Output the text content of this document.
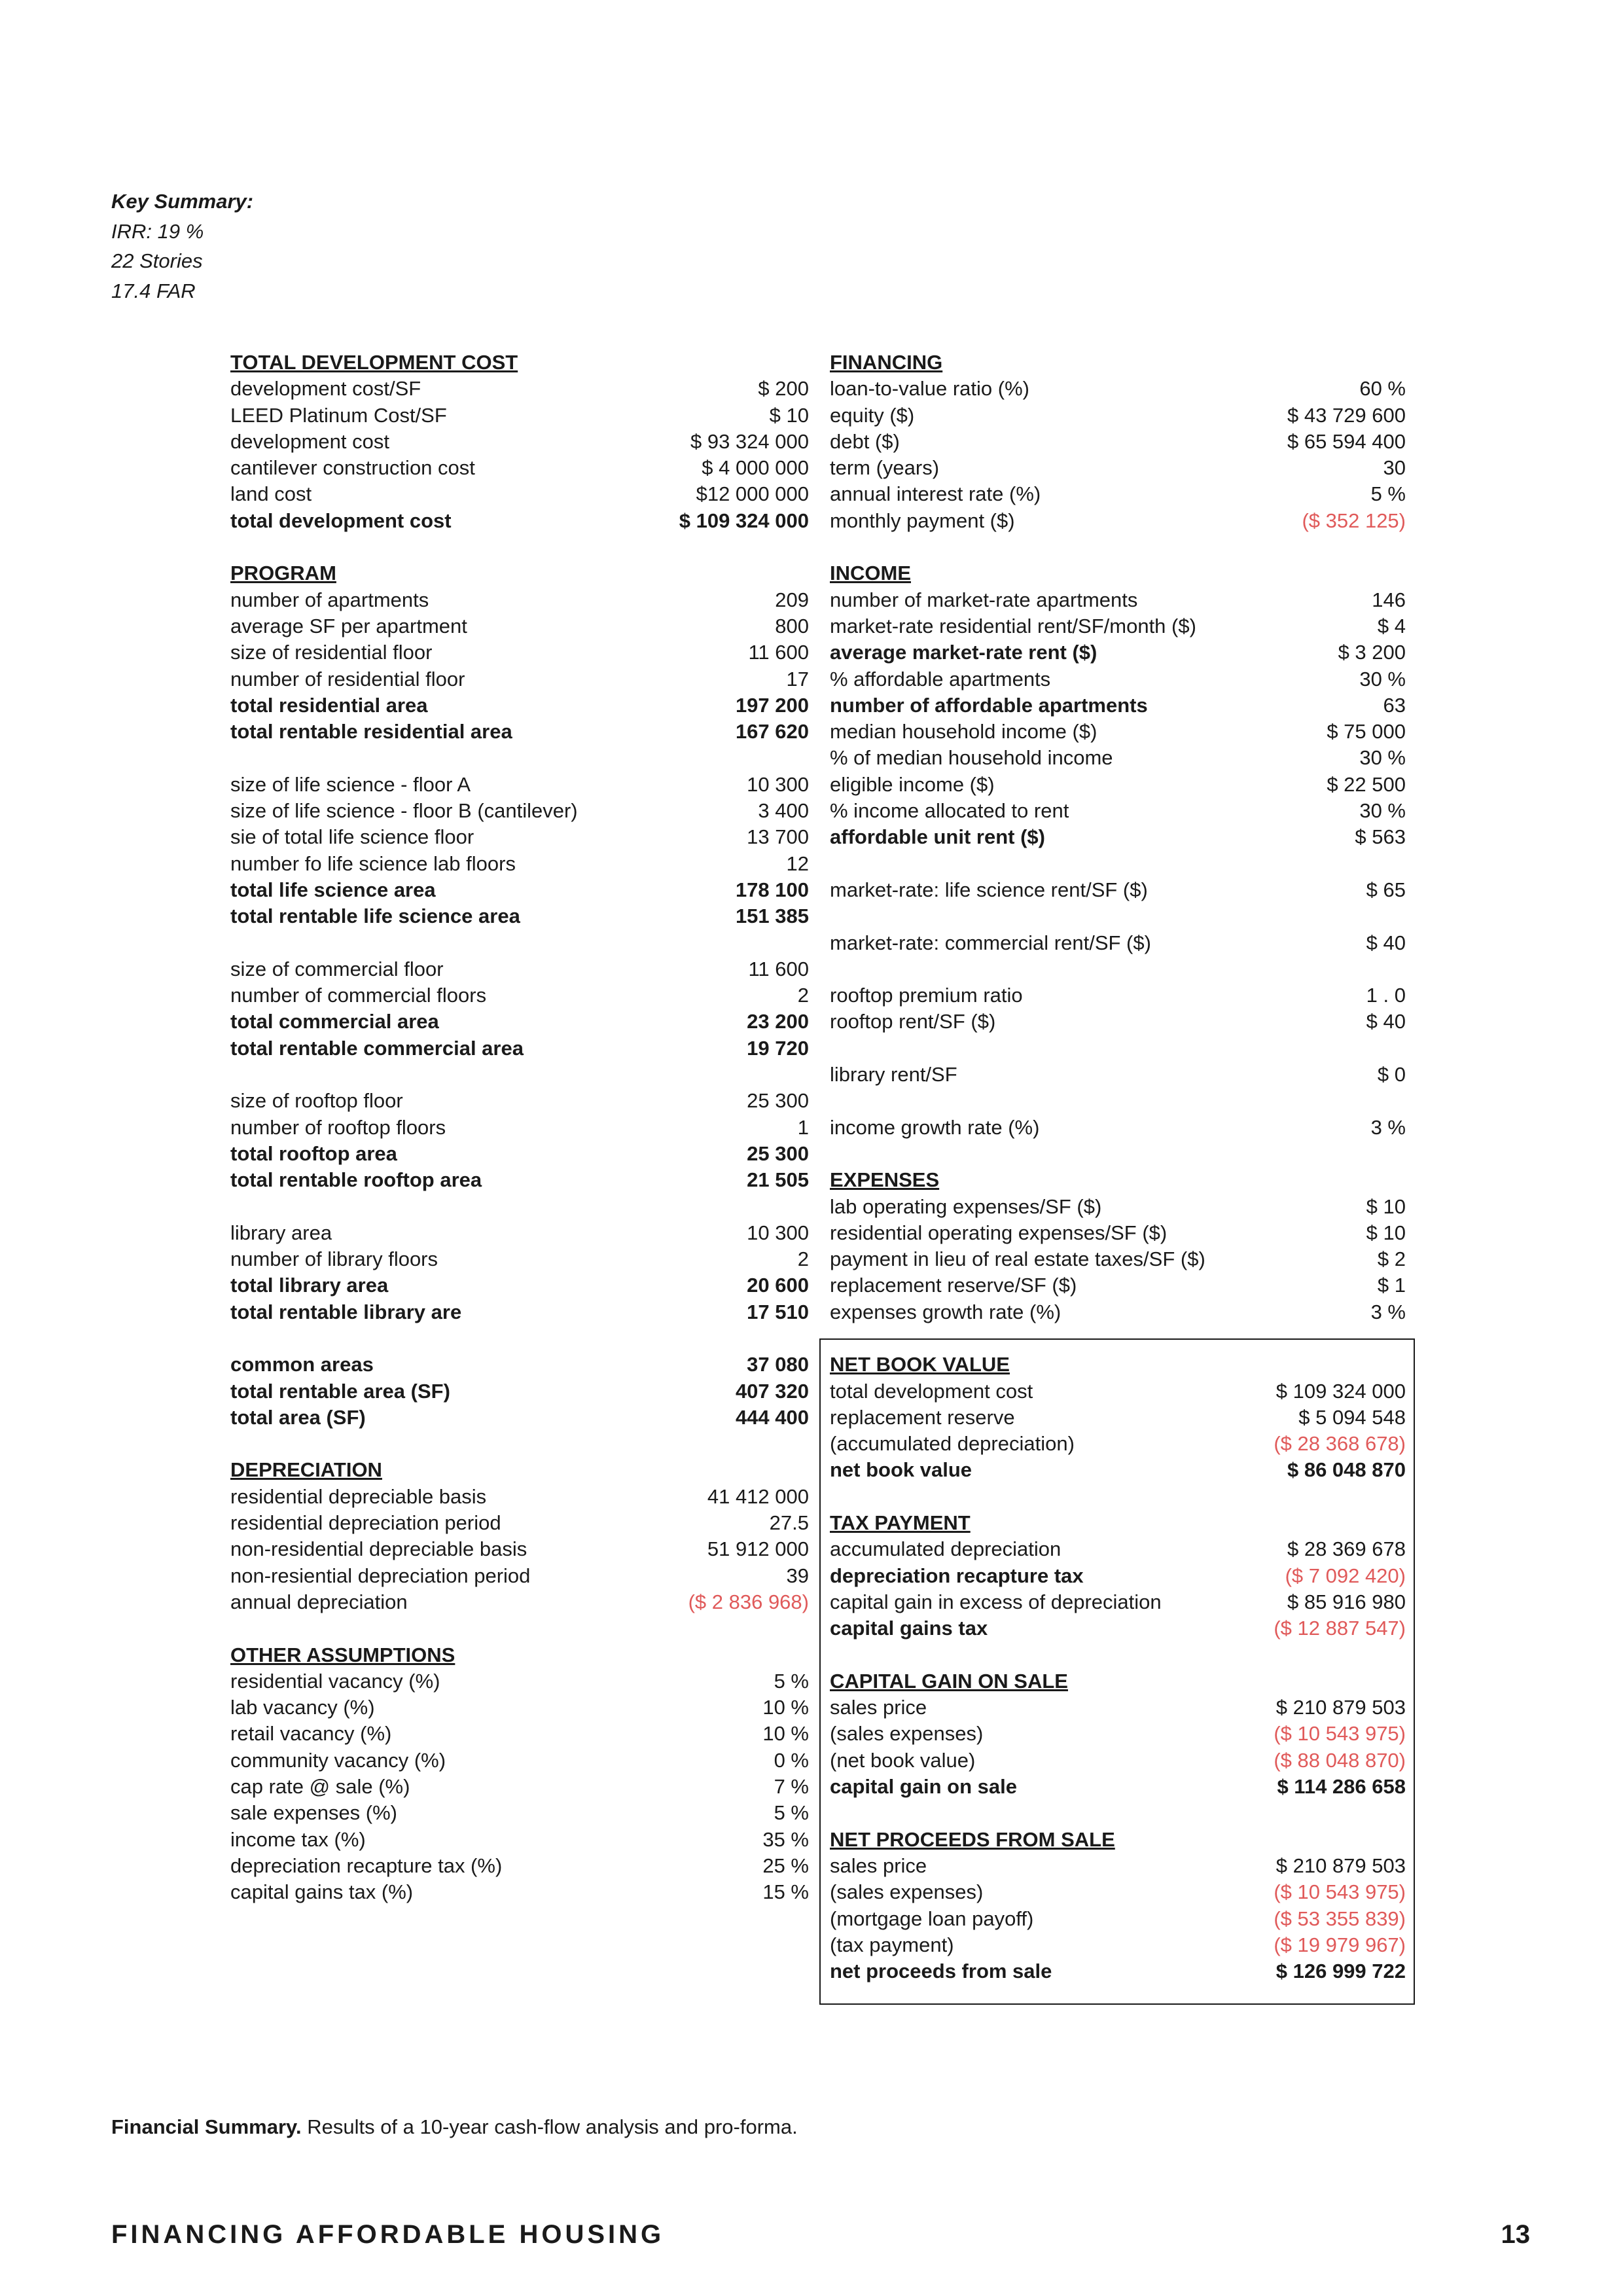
Key Summary:
IRR: 19 %
22 Stories
17.4 FAR
TOTAL DEVELOPMENT COST
development cost/SF	$ 200
LEED Platinum Cost/SF	$ 10
development cost	$ 93 324 000
cantilever construction cost	$ 4 000 000
land cost	$12 000 000
total development cost	$ 109 324 000
PROGRAM
number of apartments	209
average SF per apartment	800
size of residential floor	11 600
number of residential floor	17
total residential area	197 200
total rentable residential area	167 620
size of life science - floor A	10 300
size of life science - floor B (cantilever)	3 400
sie of total life science floor	13 700
number fo life science lab floors	12
total life science area	178 100
total rentable life science area	151 385
size of commercial floor	11 600
number of commercial floors	2
total commercial area	23 200
total rentable commercial area	19 720
size of rooftop floor	25 300
number of rooftop floors	1
total rooftop area	25 300
total rentable rooftop area	21 505
library area	10 300
number of library floors	2
total library area	20 600
total rentable library are	17 510
common areas	37 080
total rentable area (SF)	407 320
total area (SF)	444 400
DEPRECIATION
residential depreciable basis	41 412 000
residential depreciation period	27.5
non-residential depreciable basis	51 912 000
non-resiential depreciation period	39
annual depreciation	($ 2 836 968)
OTHER ASSUMPTIONS
residential vacancy (%)	5 %
lab vacancy (%)	10 %
retail vacancy (%)	10 %
community vacancy (%)	0 %
cap rate @ sale (%)	7 %
sale expenses (%)	5 %
income tax (%)	35 %
depreciation recapture tax (%)	25 %
capital gains tax (%)	15 %
FINANCING
loan-to-value ratio (%)	60 %
equity ($)	$ 43 729 600
debt ($)	$ 65 594 400
term (years)	30
annual interest rate (%)	5 %
monthly payment ($)	($ 352 125)
INCOME
number of market-rate apartments	146
market-rate residential rent/SF/month ($)	$ 4
average market-rate rent ($)	$ 3 200
% affordable apartments	30 %
number of affordable apartments	63
median household income ($)	$ 75 000
% of median household income	30 %
eligible income ($)	$ 22 500
% income allocated to rent	30 %
affordable unit rent ($)	$ 563
market-rate: life science rent/SF ($)	$ 65
market-rate: commercial rent/SF ($)	$ 40
rooftop premium ratio	1 . 0
rooftop rent/SF ($)	$ 40
library rent/SF	$ 0
income growth rate (%)	3 %
EXPENSES
lab operating expenses/SF ($)	$ 10
residential operating expenses/SF ($)	$ 10
payment in lieu of real estate taxes/SF ($)	$ 2
replacement reserve/SF ($)	$ 1
expenses growth rate (%)	3 %
NET BOOK VALUE
total development cost	$ 109 324 000
replacement reserve	$ 5 094 548
(accumulated depreciation)	($ 28 368 678)
net book value	$ 86 048 870
TAX PAYMENT
accumulated depreciation	$ 28 369 678
depreciation recapture tax	($ 7 092 420)
capital gain in excess of depreciation	$ 85 916 980
capital gains tax	($ 12 887 547)
CAPITAL GAIN ON SALE
sales price	$ 210 879 503
(sales expenses)	($ 10 543 975)
(net book value)	($ 88 048 870)
capital gain on sale	$ 114 286 658
NET PROCEEDS FROM SALE
sales price	$ 210 879 503
(sales expenses)	($ 10 543 975)
(mortgage loan payoff)	($ 53 355 839)
(tax payment)	($ 19 979 967)
net proceeds from sale	$ 126 999 722
Financial Summary. Results of a 10-year cash-flow analysis and pro-forma.
FINANCING AFFORDABLE HOUSING	13
